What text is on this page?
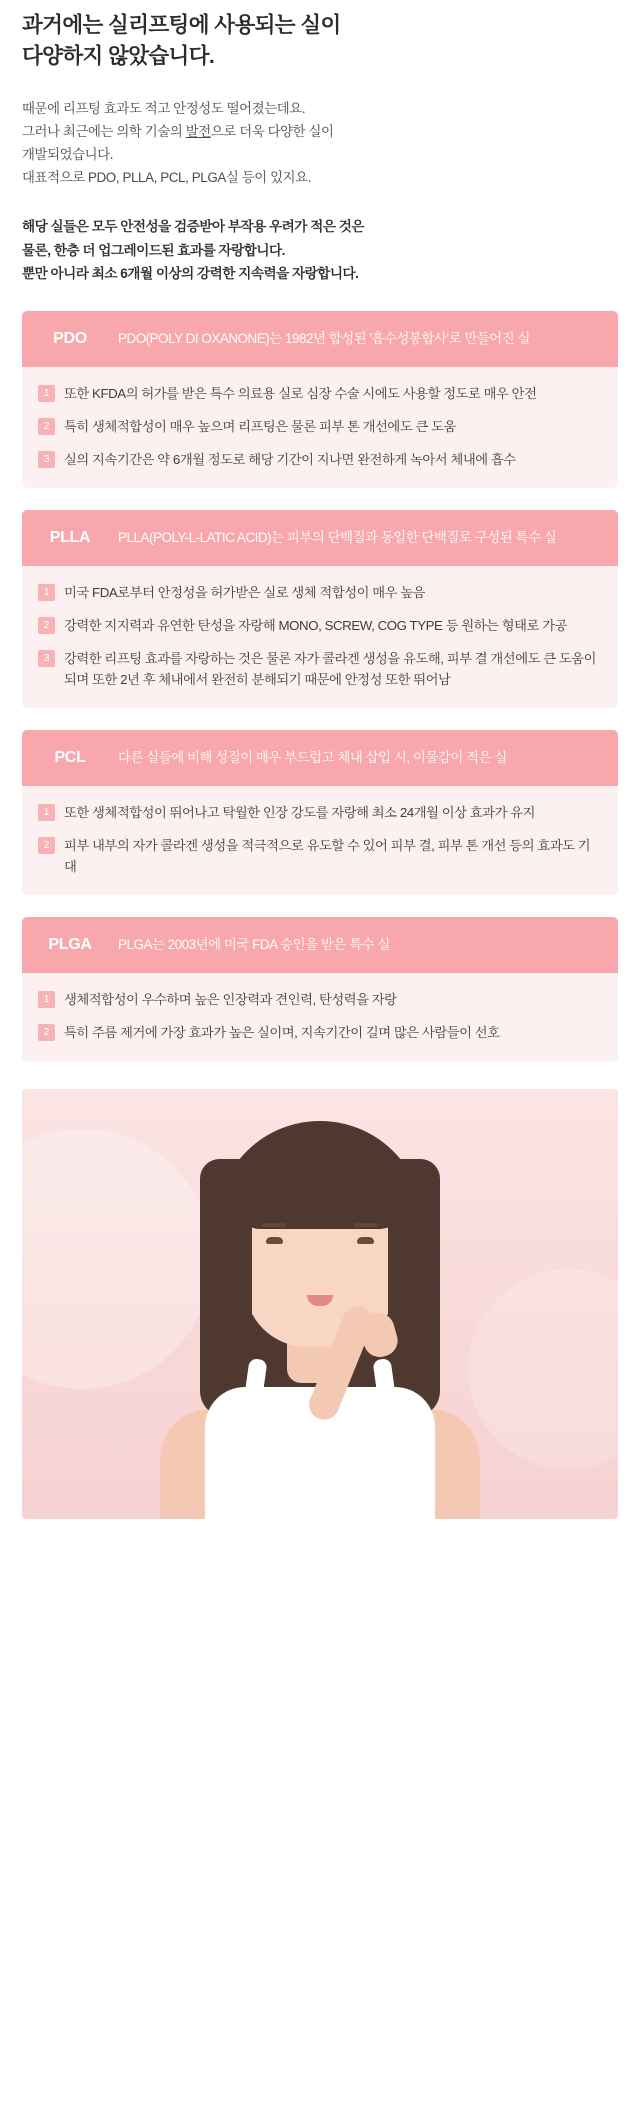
과거에는 실리프팅에 사용되는 실이
다양하지 않았습니다.
때문에 리프팅 효과도 적고 안정성도 떨어졌는데요.
그러나 최근에는 의학 기술의 발전으로 더욱 다양한 실이
개발되었습니다.
대표적으로 PDO, PLLA, PCL, PLGA실 등이 있지요.
해당 실들은 모두 안전성을 검증받아 부작용 우려가 적은 것은
물론, 한층 더 업그레이드된 효과를 자랑합니다.
뿐만 아니라 최소 6개월 이상의 강력한 지속력을 자랑합니다.
PDO	PDO(POLY DI OXANONE)는 1982년 합성된 '흡수성봉합사'로 만들어진 실
1	또한 KFDA의 허가를 받은 특수 의료용 실로 심장 수술 시에도 사용할 정도로 매우 안전
2	특히 생체적합성이 매우 높으며 리프팅은 물론 피부 톤 개선에도 큰 도움
3	실의 지속기간은 약 6개월 정도로 해당 기간이 지나면 완전하게 녹아서 체내에 흡수
PLLA	PLLA(POLY-L-LATIC ACID)는 피부의 단백질과 동일한 단백질로 구성된 특수 실
1	미국 FDA로부터 안정성을 허가받은 실로 생체 적합성이 매우 높음
2	강력한 지지력과 유연한 탄성을 자랑해 MONO, SCREW, COG TYPE 등 원하는 형태로 가공
3	강력한 리프팅 효과를 자랑하는 것은 물론 자가 콜라겐 생성을 유도해, 피부 결 개선에도 큰 도움이 되며 또한 2년 후 체내에서 완전히 분해되기 때문에 안정성 또한 뛰어남
PCL	다른 실들에 비해 성질이 매우 부드럽고 체내 삽입 시, 이물감이 적은 실
1	또한 생체적합성이 뛰어나고 탁월한 인장 강도를 자랑해 최소 24개월 이상 효과가 유지
2	피부 내부의 자가 콜라겐 생성을 적극적으로 유도할 수 있어 피부 결, 피부 톤 개선 등의 효과도 기대
PLGA	PLGA는 2003년에 미국 FDA 승인을 받은 특수 실
1	생체적합성이 우수하며 높은 인장력과 견인력, 탄성력을 자랑
2	특히 주름 제거에 가장 효과가 높은 실이며, 지속기간이 길며 많은 사람들이 선호
